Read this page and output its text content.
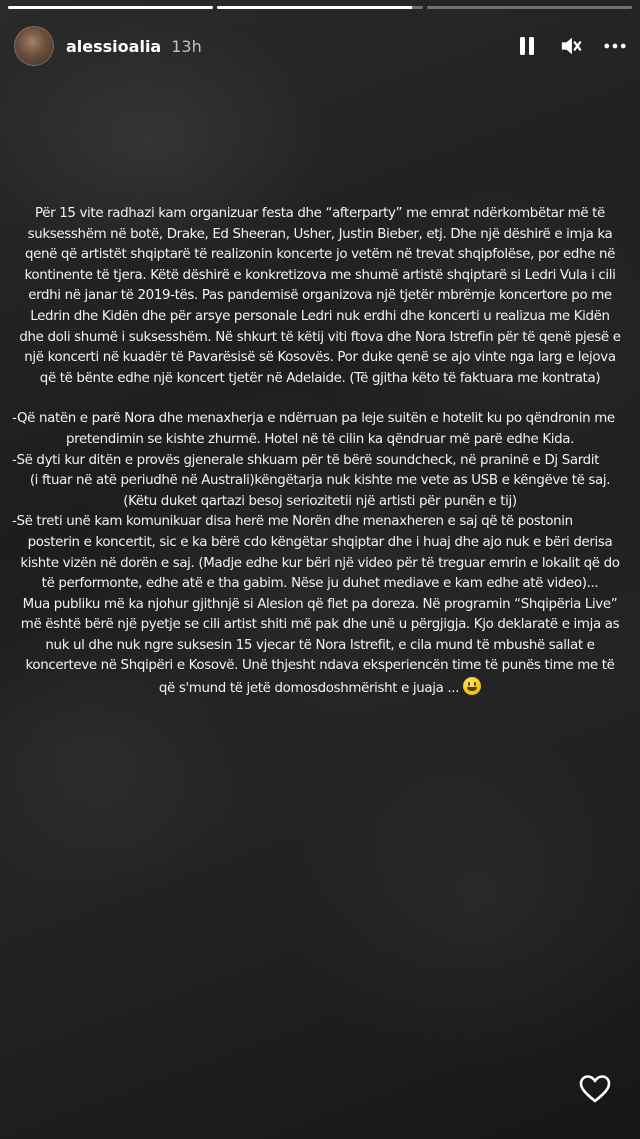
alessioalia 13h
Për 15 vite radhazi kam organizuar festa dhe “afterparty” me emrat ndërkombëtar më të
suksesshëm në botë, Drake, Ed Sheeran, Usher, Justin Bieber, etj. Dhe një dëshirë e imja ka
qenë që artistët shqiptarë të realizonin koncerte jo vetëm në trevat shqipfolëse, por edhe në
kontinente të tjera. Këtë dëshirë e konkretizova me shumë artistë shqiptarë si Ledri Vula i cili
erdhi në janar të 2019-tës. Pas pandemisë organizova një tjetër mbrëmje koncertore po me
Ledrin dhe Kidën dhe për arsye personale Ledri nuk erdhi dhe koncerti u realizua me Kidën
dhe doli shumë i suksesshëm. Në shkurt të këtij viti ftova dhe Nora Istrefin për të qenë pjesë e
një koncerti në kuadër të Pavarësisë së Kosovës. Por duke qenë se ajo vinte nga larg e lejova
që të bënte edhe një koncert tjetër në Adelaide. (Të gjitha këto të faktuara me kontrata)
-Që natën e parë Nora dhe menaxherja e ndërruan pa leje suitën e hotelit ku po qëndronin me
pretendimin se kishte zhurmë. Hotel në të cilin ka qëndruar më parë edhe Kida.
-Së dyti kur ditën e provës gjenerale shkuam për të bërë soundcheck, në praninë e Dj Sardit
(i ftuar në atë periudhë në Australi)këngëtarja nuk kishte me vete as USB e këngëve të saj.
(Këtu duket qartazi besoj seriozitetii një artisti për punën e tij)
-Së treti unë kam komunikuar disa herë me Norën dhe menaxheren e saj që të postonin
posterin e koncertit, sic e ka bërë cdo këngëtar shqiptar dhe i huaj dhe ajo nuk e bëri derisa
kishte vizën në dorën e saj. (Madje edhe kur bëri një video për të treguar emrin e lokalit që do
të performonte, edhe atë e tha gabim. Nëse ju duhet mediave e kam edhe atë video)...
Mua publiku më ka njohur gjithnjë si Alesion që flet pa doreza. Në programin “Shqipëria Live”
më është bërë një pyetje se cili artist shiti më pak dhe unë u përgjigja. Kjo deklaratë e imja as
nuk ul dhe nuk ngre suksesin 15 vjecar të Nora Istrefit, e cila mund të mbushë sallat e
koncerteve në Shqipëri e Kosovë. Unë thjesht ndava eksperiencën time të punës time me të
që s'mund të jetë domosdoshmërisht e juaja ...
